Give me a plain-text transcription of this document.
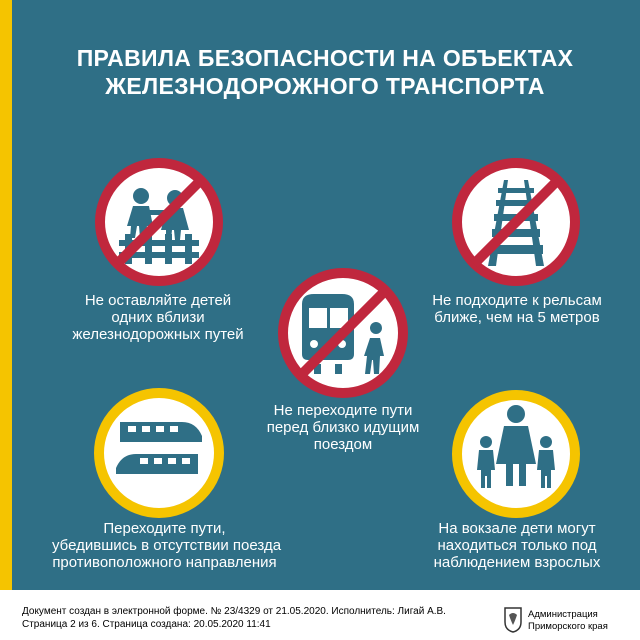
ПРАВИЛА БЕЗОПАСНОСТИ НА ОБЪЕКТАХ
ЖЕЛЕЗНОДОРОЖНОГО ТРАНСПОРТА
Не оставляйте детей
одних вблизи
железнодорожных путей
Не подходите к рельсам
ближе, чем на 5 метров
Не переходите пути
перед близко идущим
поездом
Переходите пути,
убедившись в отсутствии поезда
противоположного направления
На вокзале дети могут
находиться только под
наблюдением взрослых
Документ создан в электронной форме. № 23/4329 от 21.05.2020. Исполнитель: Лигай А.В.
Страница 2 из 6. Страница создана: 20.05.2020 11:41
Администрация
Приморского края
